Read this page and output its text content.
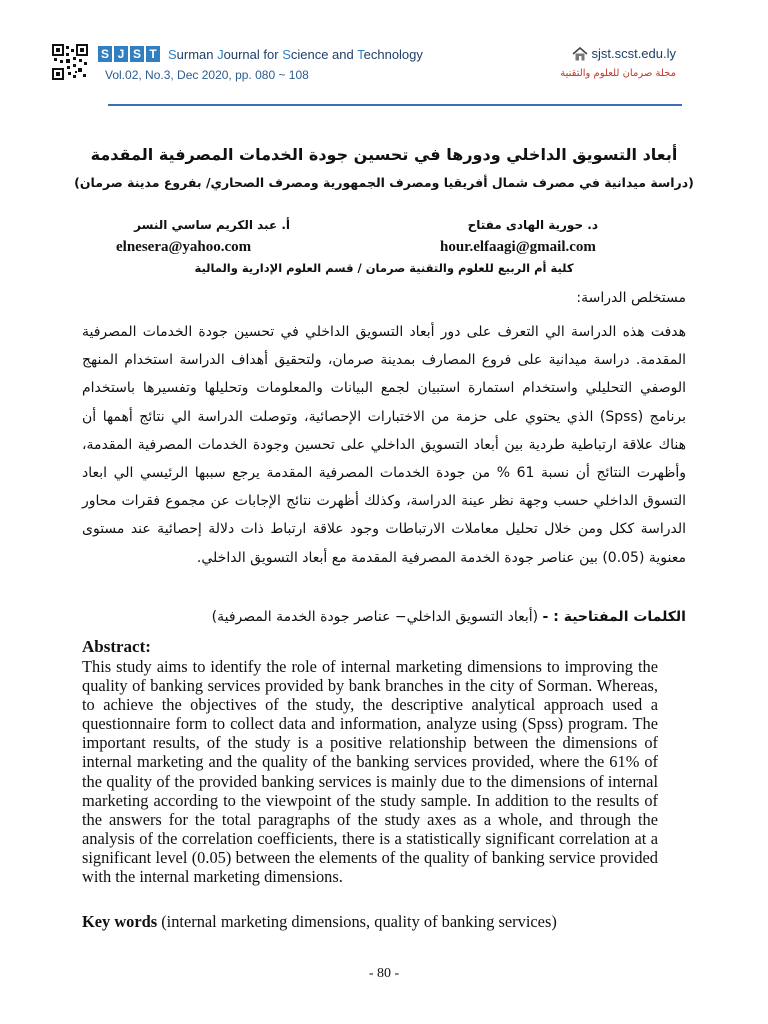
S J S T Surman Journal for Science and Technology
Vol.02, No.3, Dec 2020, pp. 080 ~ 108
sjst.scst.edu.ly
مجلة صرمان للعلوم والتقنية
أبعاد التسويق الداخلي ودورها في تحسين جودة الخدمات المصرفية المقدمة
(دراسة ميدانية في مصرف شمال أفريقيا ومصرف الجمهورية ومصرف الصحاري/ بفروع مدينة صرمان)
د. حورية الهادى مفتاح
أ. عبد الكريم ساسي النسر
hour.elfaagi@gmail.com
elnesera@yahoo.com
كلية أم الربيع للعلوم والتقنية صرمان / قسم العلوم الإدارية والمالية
مستخلص الدراسة:

هدفت هذه الدراسة الي التعرف على دور أبعاد التسويق الداخلي في تحسين جودة الخدمات المصرفية المقدمة. دراسة ميدانية على فروع المصارف بمدينة صرمان، ولتحقيق أهداف الدراسة استخدام المنهج الوصفي التحليلي واستخدام استمارة استبيان لجمع البيانات والمعلومات وتحليلها وتفسيرها باستخدام برنامج (Spss) الذي يحتوي على حزمة من الاختبارات الإحصائية، وتوصلت الدراسة الي نتائج أهمها أن هناك علاقة ارتباطية طردية بين أبعاد التسويق الداخلي على تحسين وجودة الخدمات المصرفية المقدمة، وأظهرت النتائج أن نسبة 61 % من جودة الخدمات المصرفية المقدمة يرجع سببها الرئيسي الي ابعاد التسوق الداخلي حسب وجهة نظر عينة الدراسة، وكذلك أظهرت نتائج الإجابات عن مجموع فقرات محاور الدراسة ككل ومن خلال تحليل معاملات الارتباطات وجود علاقة ارتباط ذات دلالة إحصائية عند مستوى معنوية (0.05) بين عناصر جودة الخدمة المصرفية المقدمة مع أبعاد التسويق الداخلي.

الكلمات المفتاحية : - (أبعاد التسويق الداخلي− عناصر جودة الخدمة المصرفية)
Abstract:

This study aims to identify the role of internal marketing dimensions to improving the quality of banking services provided by bank branches in the city of Sorman. Whereas, to achieve the objectives of the study, the descriptive analytical approach used a questionnaire form to collect data and information, analyze using (Spss) program. The important results, of the study is a positive relationship between the dimensions of internal marketing and the quality of the banking services provided, where the 61% of the quality of the provided banking services is mainly due to the dimensions of internal marketing according to the viewpoint of the study sample. In addition to the results of the answers for the total paragraphs of the study axes as a whole, and through the analysis of the correlation coefficients, there is a statistically significant correlation at a significant level (0.05) between the elements of the quality of banking service provided with the internal marketing dimensions.

Key words (internal marketing dimensions, quality of banking services)

- 80 -
